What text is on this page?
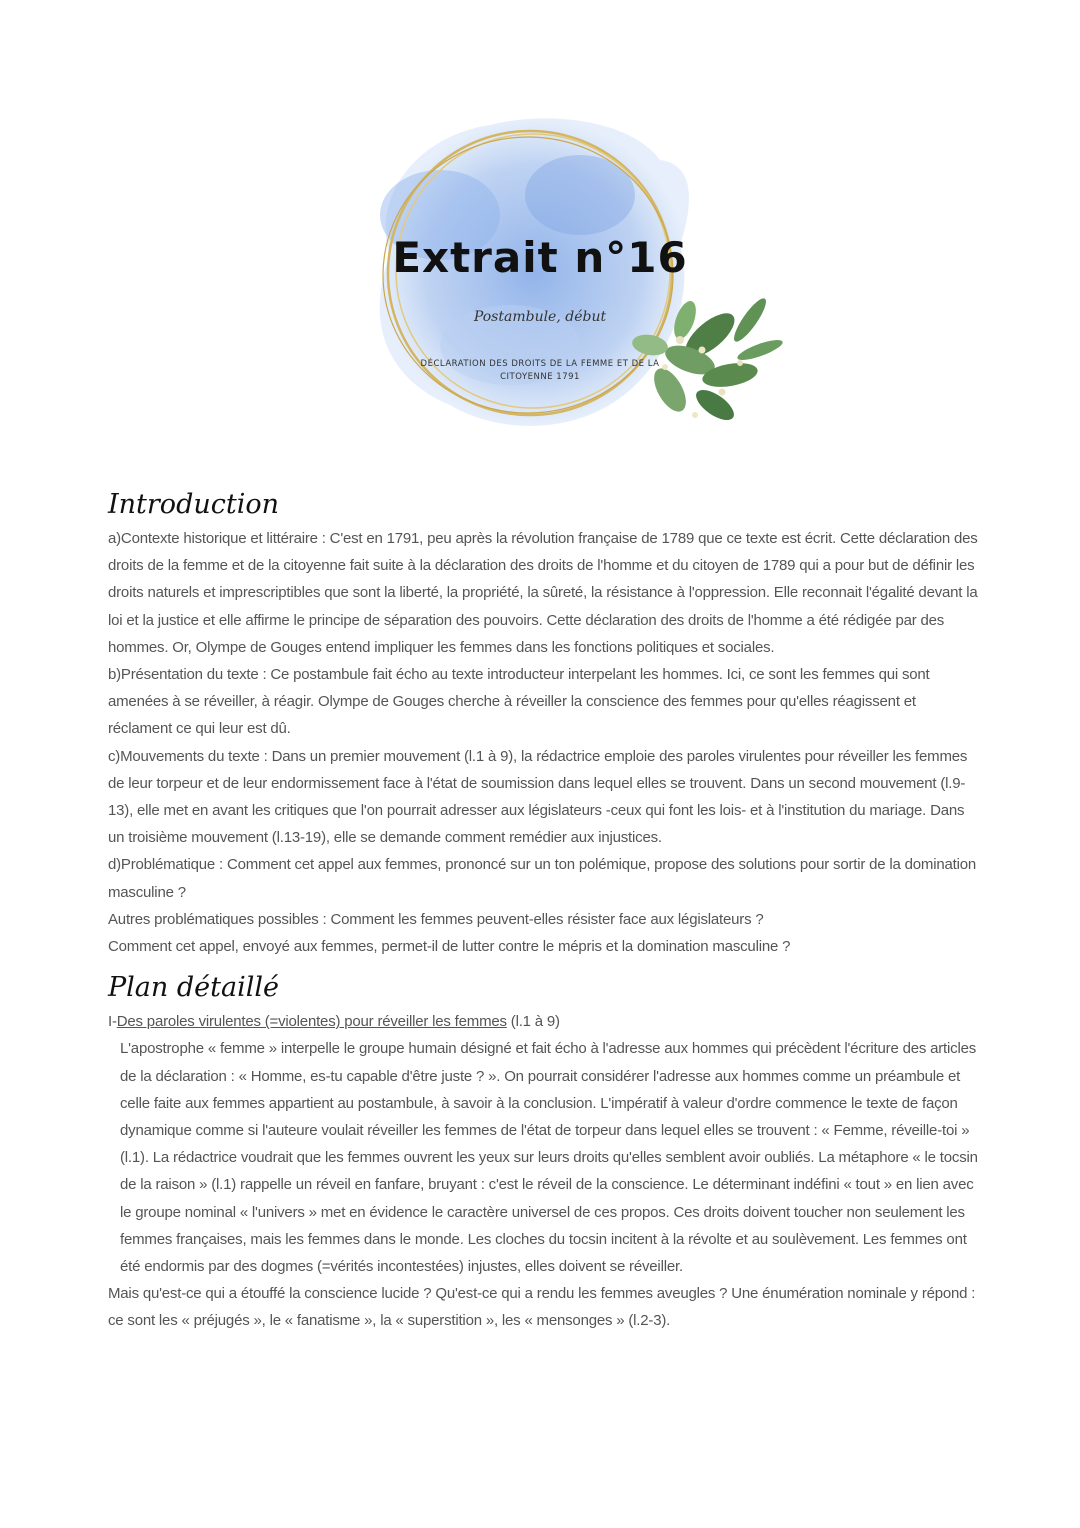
Extrait n°16
Postambule, début
DÉCLARATION DES DROITS DE LA FEMME ET DE LA
CITOYENNE 1791
Introduction

a)Contexte historique et littéraire : C'est en 1791, peu après la révolution française de 1789 que ce texte est écrit. Cette déclaration des droits de la femme et de la citoyenne fait suite à la déclaration des droits de l'homme et du citoyen de 1789 qui a pour but de définir les droits naturels et imprescriptibles que sont la liberté, la propriété, la sûreté, la résistance à l'oppression. Elle reconnait l'égalité devant la loi et la justice et elle affirme le principe de séparation des pouvoirs. Cette déclaration des droits de l'homme a été rédigée par des hommes. Or, Olympe de Gouges entend impliquer les femmes dans les fonctions politiques et sociales.

b)Présentation du texte : Ce postambule fait écho au texte introducteur interpelant les hommes. Ici, ce sont les femmes qui sont amenées à se réveiller, à réagir. Olympe de Gouges cherche à réveiller la conscience des femmes pour qu'elles réagissent et réclament ce qui leur est dû.

c)Mouvements du texte : Dans un premier mouvement (l.1 à 9), la rédactrice emploie des paroles virulentes pour réveiller les femmes de leur torpeur et de leur endormissement face à l'état de soumission dans lequel elles se trouvent. Dans un second mouvement (l.9-13), elle met en avant les critiques que l'on pourrait adresser aux législateurs -ceux qui font les lois- et à l'institution du mariage. Dans un troisième mouvement (l.13-19), elle se demande comment remédier aux injustices.

d)Problématique : Comment cet appel aux femmes, prononcé sur un ton polémique, propose des solutions pour sortir de la domination masculine ?

Autres problématiques possibles : Comment les femmes peuvent-elles résister face aux législateurs ?

Comment cet appel, envoyé aux femmes, permet-il de lutter contre le mépris et la domination masculine ?

Plan détaillé

I-Des paroles virulentes (=violentes) pour réveiller les femmes (l.1 à 9)

L'apostrophe « femme » interpelle le groupe humain désigné et fait écho à l'adresse aux hommes qui précèdent l'écriture des articles de la déclaration : « Homme, es-tu capable d'être juste ? ». On pourrait considérer l'adresse aux hommes comme un préambule et celle faite aux femmes appartient au postambule, à savoir à la conclusion. L'impératif à valeur d'ordre commence le texte de façon dynamique comme si l'auteure voulait réveiller les femmes de l'état de torpeur dans lequel elles se trouvent : « Femme, réveille-toi » (l.1). La rédactrice voudrait que les femmes ouvrent les yeux sur leurs droits qu'elles semblent avoir oubliés. La métaphore « le tocsin de la raison » (l.1) rappelle un réveil en fanfare, bruyant : c'est le réveil de la conscience. Le déterminant indéfini « tout » en lien avec le groupe nominal « l'univers » met en évidence le caractère universel de ces propos. Ces droits doivent toucher non seulement les femmes françaises, mais les femmes dans le monde. Les cloches du tocsin incitent à la révolte et au soulèvement. Les femmes ont été endormis par des dogmes (=vérités incontestées) injustes, elles doivent se réveiller.

Mais qu'est-ce qui a étouffé la conscience lucide ? Qu'est-ce qui a rendu les femmes aveugles ? Une énumération nominale y répond : ce sont les « préjugés », le « fanatisme », la « superstition », les « mensonges » (l.2-3).
